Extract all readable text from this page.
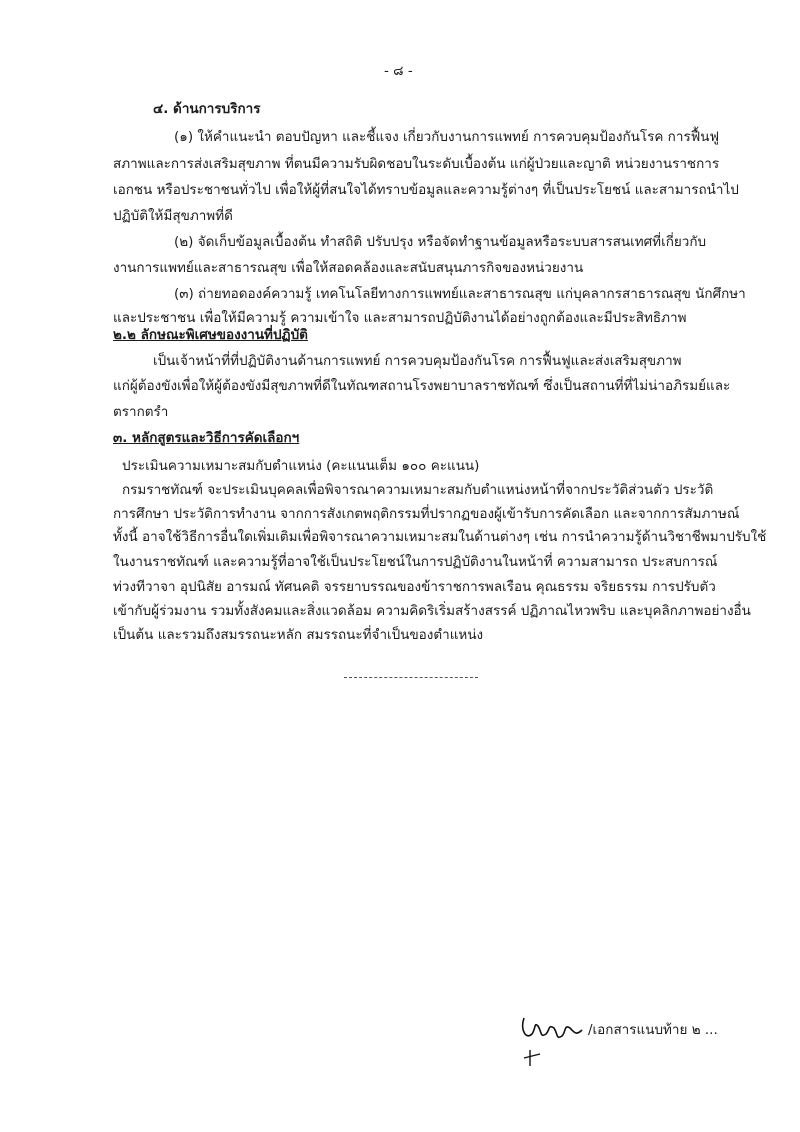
- ๘ -
๔. ด้านการบริการ
(๑) ให้คำแนะนำ ตอบปัญหา และชี้แจง เกี่ยวกับงานการแพทย์ การควบคุมป้องกันโรค การฟื้นฟู
สภาพและการส่งเสริมสุขภาพ ที่ตนมีความรับผิดชอบในระดับเบื้องต้น แก่ผู้ป่วยและญาติ หน่วยงานราชการ
เอกชน หรือประชาชนทั่วไป เพื่อให้ผู้ที่สนใจได้ทราบข้อมูลและความรู้ต่างๆ ที่เป็นประโยชน์ และสามารถนำไป
ปฏิบัติให้มีสุขภาพที่ดี
(๒) จัดเก็บข้อมูลเบื้องต้น ทำสถิติ ปรับปรุง หรือจัดทำฐานข้อมูลหรือระบบสารสนเทศที่เกี่ยวกับ
งานการแพทย์และสาธารณสุข เพื่อให้สอดคล้องและสนับสนุนภารกิจของหน่วยงาน
(๓) ถ่ายทอดองค์ความรู้ เทคโนโลยีทางการแพทย์และสาธารณสุข แก่บุคลากรสาธารณสุข นักศึกษา
และประชาชน เพื่อให้มีความรู้ ความเข้าใจ และสามารถปฏิบัติงานได้อย่างถูกต้องและมีประสิทธิภาพ
๒.๒ ลักษณะพิเศษของงานที่ปฏิบัติ
เป็นเจ้าหน้าที่ที่ปฏิบัติงานด้านการแพทย์ การควบคุมป้องกันโรค การฟื้นฟูและส่งเสริมสุขภาพ
แก่ผู้ต้องขังเพื่อให้ผู้ต้องขังมีสุขภาพที่ดีในทัณฑสถานโรงพยาบาลราชทัณฑ์ ซึ่งเป็นสถานที่ที่ไม่น่าอภิรมย์และ
ตรากตรำ
๓. หลักสูตรและวิธีการคัดเลือกฯ
ประเมินความเหมาะสมกับตำแหน่ง (คะแนนเต็ม ๑๐๐ คะแนน)
กรมราชทัณฑ์ จะประเมินบุคคลเพื่อพิจารณาความเหมาะสมกับตำแหน่งหน้าที่จากประวัติส่วนตัว ประวัติ
การศึกษา ประวัติการทำงาน จากการสังเกตพฤติกรรมที่ปรากฏของผู้เข้ารับการคัดเลือก และจากการสัมภาษณ์
ทั้งนี้ อาจใช้วิธีการอื่นใดเพิ่มเติมเพื่อพิจารณาความเหมาะสมในด้านต่างๆ เช่น การนำความรู้ด้านวิชาชีพมาปรับใช้
ในงานราชทัณฑ์ และความรู้ที่อาจใช้เป็นประโยชน์ในการปฏิบัติงานในหน้าที่ ความสามารถ ประสบการณ์
ท่วงทีวาจา อุปนิสัย อารมณ์ ทัศนคติ จรรยาบรรณของข้าราชการพลเรือน คุณธรรม จริยธรรม การปรับตัว
เข้ากับผู้ร่วมงาน รวมทั้งสังคมและสิ่งแวดล้อม ความคิดริเริ่มสร้างสรรค์ ปฏิภาณไหวพริบ และบุคลิกภาพอย่างอื่น
เป็นต้น และรวมถึงสมรรถนะหลัก สมรรถนะที่จำเป็นของตำแหน่ง
/เอกสารแนบท้าย ๒ ...
